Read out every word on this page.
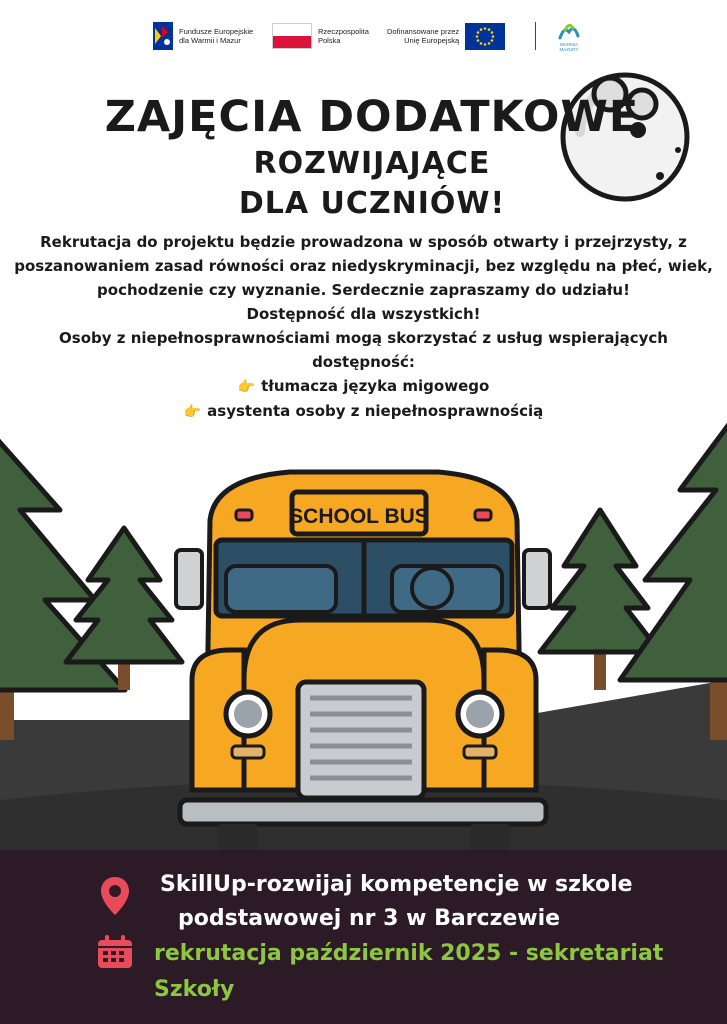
Fundusze Europejskie
dla Warmii i Mazur
Rzeczpospolita
Polska
Dofinansowane przez
Unię Europejską	WARMIA
MAZURY
ZAJĘCIA DODATKOWE
ROZWIJAJĄCE
DLA UCZNIÓW!

Rekrutacja do projektu będzie prowadzona w sposób otwarty i przejrzysty, z poszanowaniem zasad równości oraz niedyskryminacji, bez względu na płeć, wiek, pochodzenie czy wyznanie. Serdecznie zapraszamy do udziału!

Dostępność dla wszystkich!

Osoby z niepełnosprawnościami mogą skorzystać z usług wspierających dostępność:

👉 tłumacza języka migowego

👉 asystenta osoby z niepełnosprawnością

SCHOOL BUS
SkillUp-rozwijaj kompetencje w szkole
podstawowej nr 3 w Barczewie
rekrutacja październik 2025 - sekretariat
Szkoły
